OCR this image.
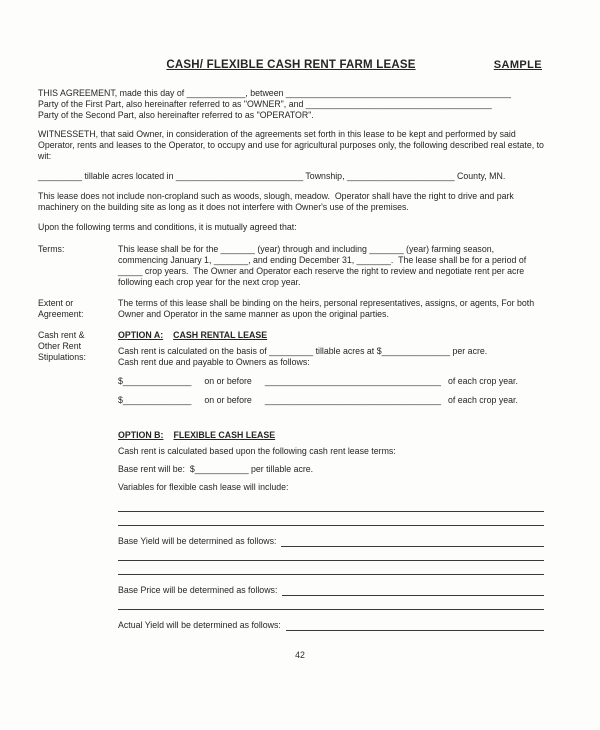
CASH/ FLEXIBLE CASH RENT FARM LEASE	SAMPLE
THIS AGREEMENT, made this day of ____________, between ______________________________________________
Party of the First Part, also hereinafter referred to as "OWNER", and ______________________________________
Party of the Second Part, also hereinafter referred to as "OPERATOR".
WITNESSETH, that said Owner, in consideration of the agreements set forth in this lease to be kept and performed by said Operator, rents and leases to the Operator, to occupy and use for agricultural purposes only, the following described real estate, to wit:
_________ tillable acres located in __________________________ Township, ______________________ County, MN.
This lease does not include non-cropland such as woods, slough, meadow.  Operator shall have the right to drive and park machinery on the building site as long as it does not interfere with Owner's use of the premises.
Upon the following terms and conditions, it is mutually agreed that:
Terms:	This lease shall be for the _______ (year) through and including _______ (year) farming season, commencing January 1, _______, and ending December 31, _______.  The lease shall be for a period of _____ crop years.  The Owner and Operator each reserve the right to review and negotiate rent per acre following each crop year for the next crop year.
Extent or
Agreement:
The terms of this lease shall be binding on the heirs, personal representatives, assigns, or agents, For both Owner and Operator in the same manner as upon the original parties.
Cash rent &
Other Rent
Stipulations:
OPTION A: CASH RENTAL LEASE
Cash rent is calculated on the basis of _________ tillable acres at $______________ per acre.
Cash rent due and payable to Owners as follows:
$______________ on or before ____________________________________ of each crop year.
$______________ on or before ____________________________________ of each crop year.
OPTION B: FLEXIBLE CASH LEASE
Cash rent is calculated based upon the following cash rent lease terms:
Base rent will be:  $___________ per tillable acre.
Variables for flexible cash lease will include:
Base Yield will be determined as follows:
Base Price will be determined as follows:
Actual Yield will be determined as follows:
42
